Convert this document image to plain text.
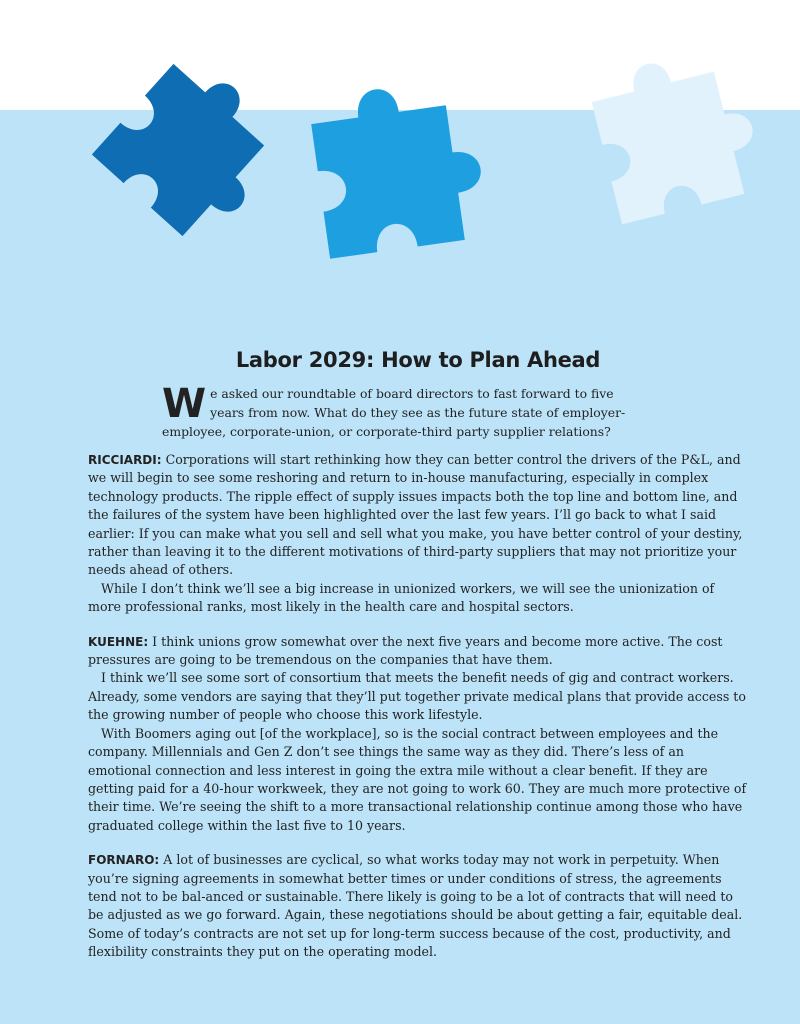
Labor 2029: How to Plan Ahead
W e asked our roundtable of board directors to fast forward to five years from now. What do they see as the future state of employer-employee, corporate-union, or corporate-third party supplier relations?

RICCIARDI: Corporations will start rethinking how they can better control the drivers of the P&L, and we will begin to see some reshoring and return to in-house manufacturing, especially in complex technology products. The ripple effect of supply issues impacts both the top line and bottom line, and the failures of the system have been highlighted over the last few years. I’ll go back to what I said earlier: If you can make what you sell and sell what you make, you have better control of your destiny, rather than leaving it to the different motivations of third-party suppliers that may not prioritize your needs ahead of others.

While I don’t think we’ll see a big increase in unionized workers, we will see the unionization of more professional ranks, most likely in the health care and hospital sectors.

KUEHNE: I think unions grow somewhat over the next five years and become more active. The cost pressures are going to be tremendous on the companies that have them.

I think we’ll see some sort of consortium that meets the benefit needs of gig and contract workers. Already, some vendors are saying that they’ll put together private medical plans that provide access to the growing number of people who choose this work lifestyle.

With Boomers aging out [of the workplace], so is the social contract between employees and the company. Millennials and Gen Z don’t see things the same way as they did. There’s less of an emotional connection and less interest in going the extra mile without a clear benefit. If they are getting paid for a 40-hour workweek, they are not going to work 60. They are much more protective of their time. We’re seeing the shift to a more transactional relationship continue among those who have graduated college within the last five to 10 years.

FORNARO: A lot of businesses are cyclical, so what works today may not work in perpetuity. When you’re signing agreements in somewhat better times or under conditions of stress, the agreements tend not to be bal-anced or sustainable. There likely is going to be a lot of contracts that will need to be adjusted as we go forward. Again, these negotiations should be about getting a fair, equitable deal. Some of today’s contracts are not set up for long-term success because of the cost, productivity, and flexibility constraints they put on the operating model.
